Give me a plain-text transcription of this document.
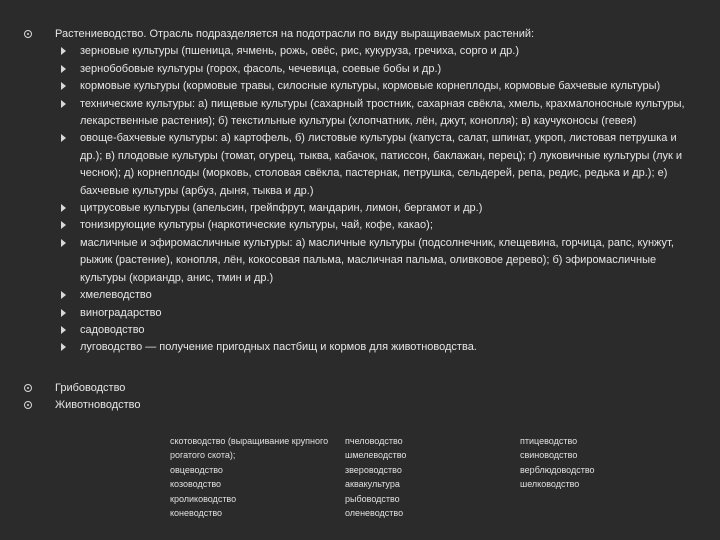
Растениеводство. Отрасль подразделяется на подотрасли по виду выращиваемых растений:
зерновые культуры (пшеница, ячмень, рожь, овёс, рис, кукуруза, гречиха, сорго и др.)
зернобобовые культуры (горох, фасоль, чечевица, соевые бобы и др.)
кормовые культуры (кормовые травы, силосные культуры, кормовые корнеплоды, кормовые бахчевые культуры)
технические культуры: а) пищевые культуры (сахарный тростник, сахарная свёкла, хмель, крахмалоносные культуры, лекарственные растения); б) текстильные культуры (хлопчатник, лён, джут, конопля); в) каучуконосы (гевея)
овоще-бахчевые культуры: а) картофель, б) листовые культуры (капуста, салат, шпинат, укроп, листовая петрушка и др.); в) плодовые культуры (томат, огурец, тыква, кабачок, патиссон, баклажан, перец); г) луковичные культуры (лук и чеснок); д) корнеплоды (морковь, столовая свёкла, пастернак, петрушка, сельдерей, репа, редис, редька и др.); е) бахчевые культуры (арбуз, дыня, тыква и др.)
цитрусовые культуры (апельсин, грейпфрут, мандарин, лимон, бергамот и др.)
тонизирующие культуры (наркотические культуры, чай, кофе, какао);
масличные и эфиромасличные культуры: а) масличные культуры (подсолнечник, клещевина, горчица, рапс, кунжут, рыжик (растение), конопля, лён, кокосовая пальма, масличная пальма, оливковое дерево); б) эфиромасличные культуры (кориандр, анис, тмин и др.)
хмелеводство
виноградарство
садоводство
луговодство — получение пригодных пастбищ и кормов для животноводства.
Грибоводство
Животноводство
скотоводство (выращивание крупного рогатого скота);
овцеводство
козоводство
кролиководство
коневодство
пчеловодство
шмелеводство
звероводство
аквакультура
рыбоводство
оленеводство
птицеводство
свиноводство
верблюдоводство
шелководство
